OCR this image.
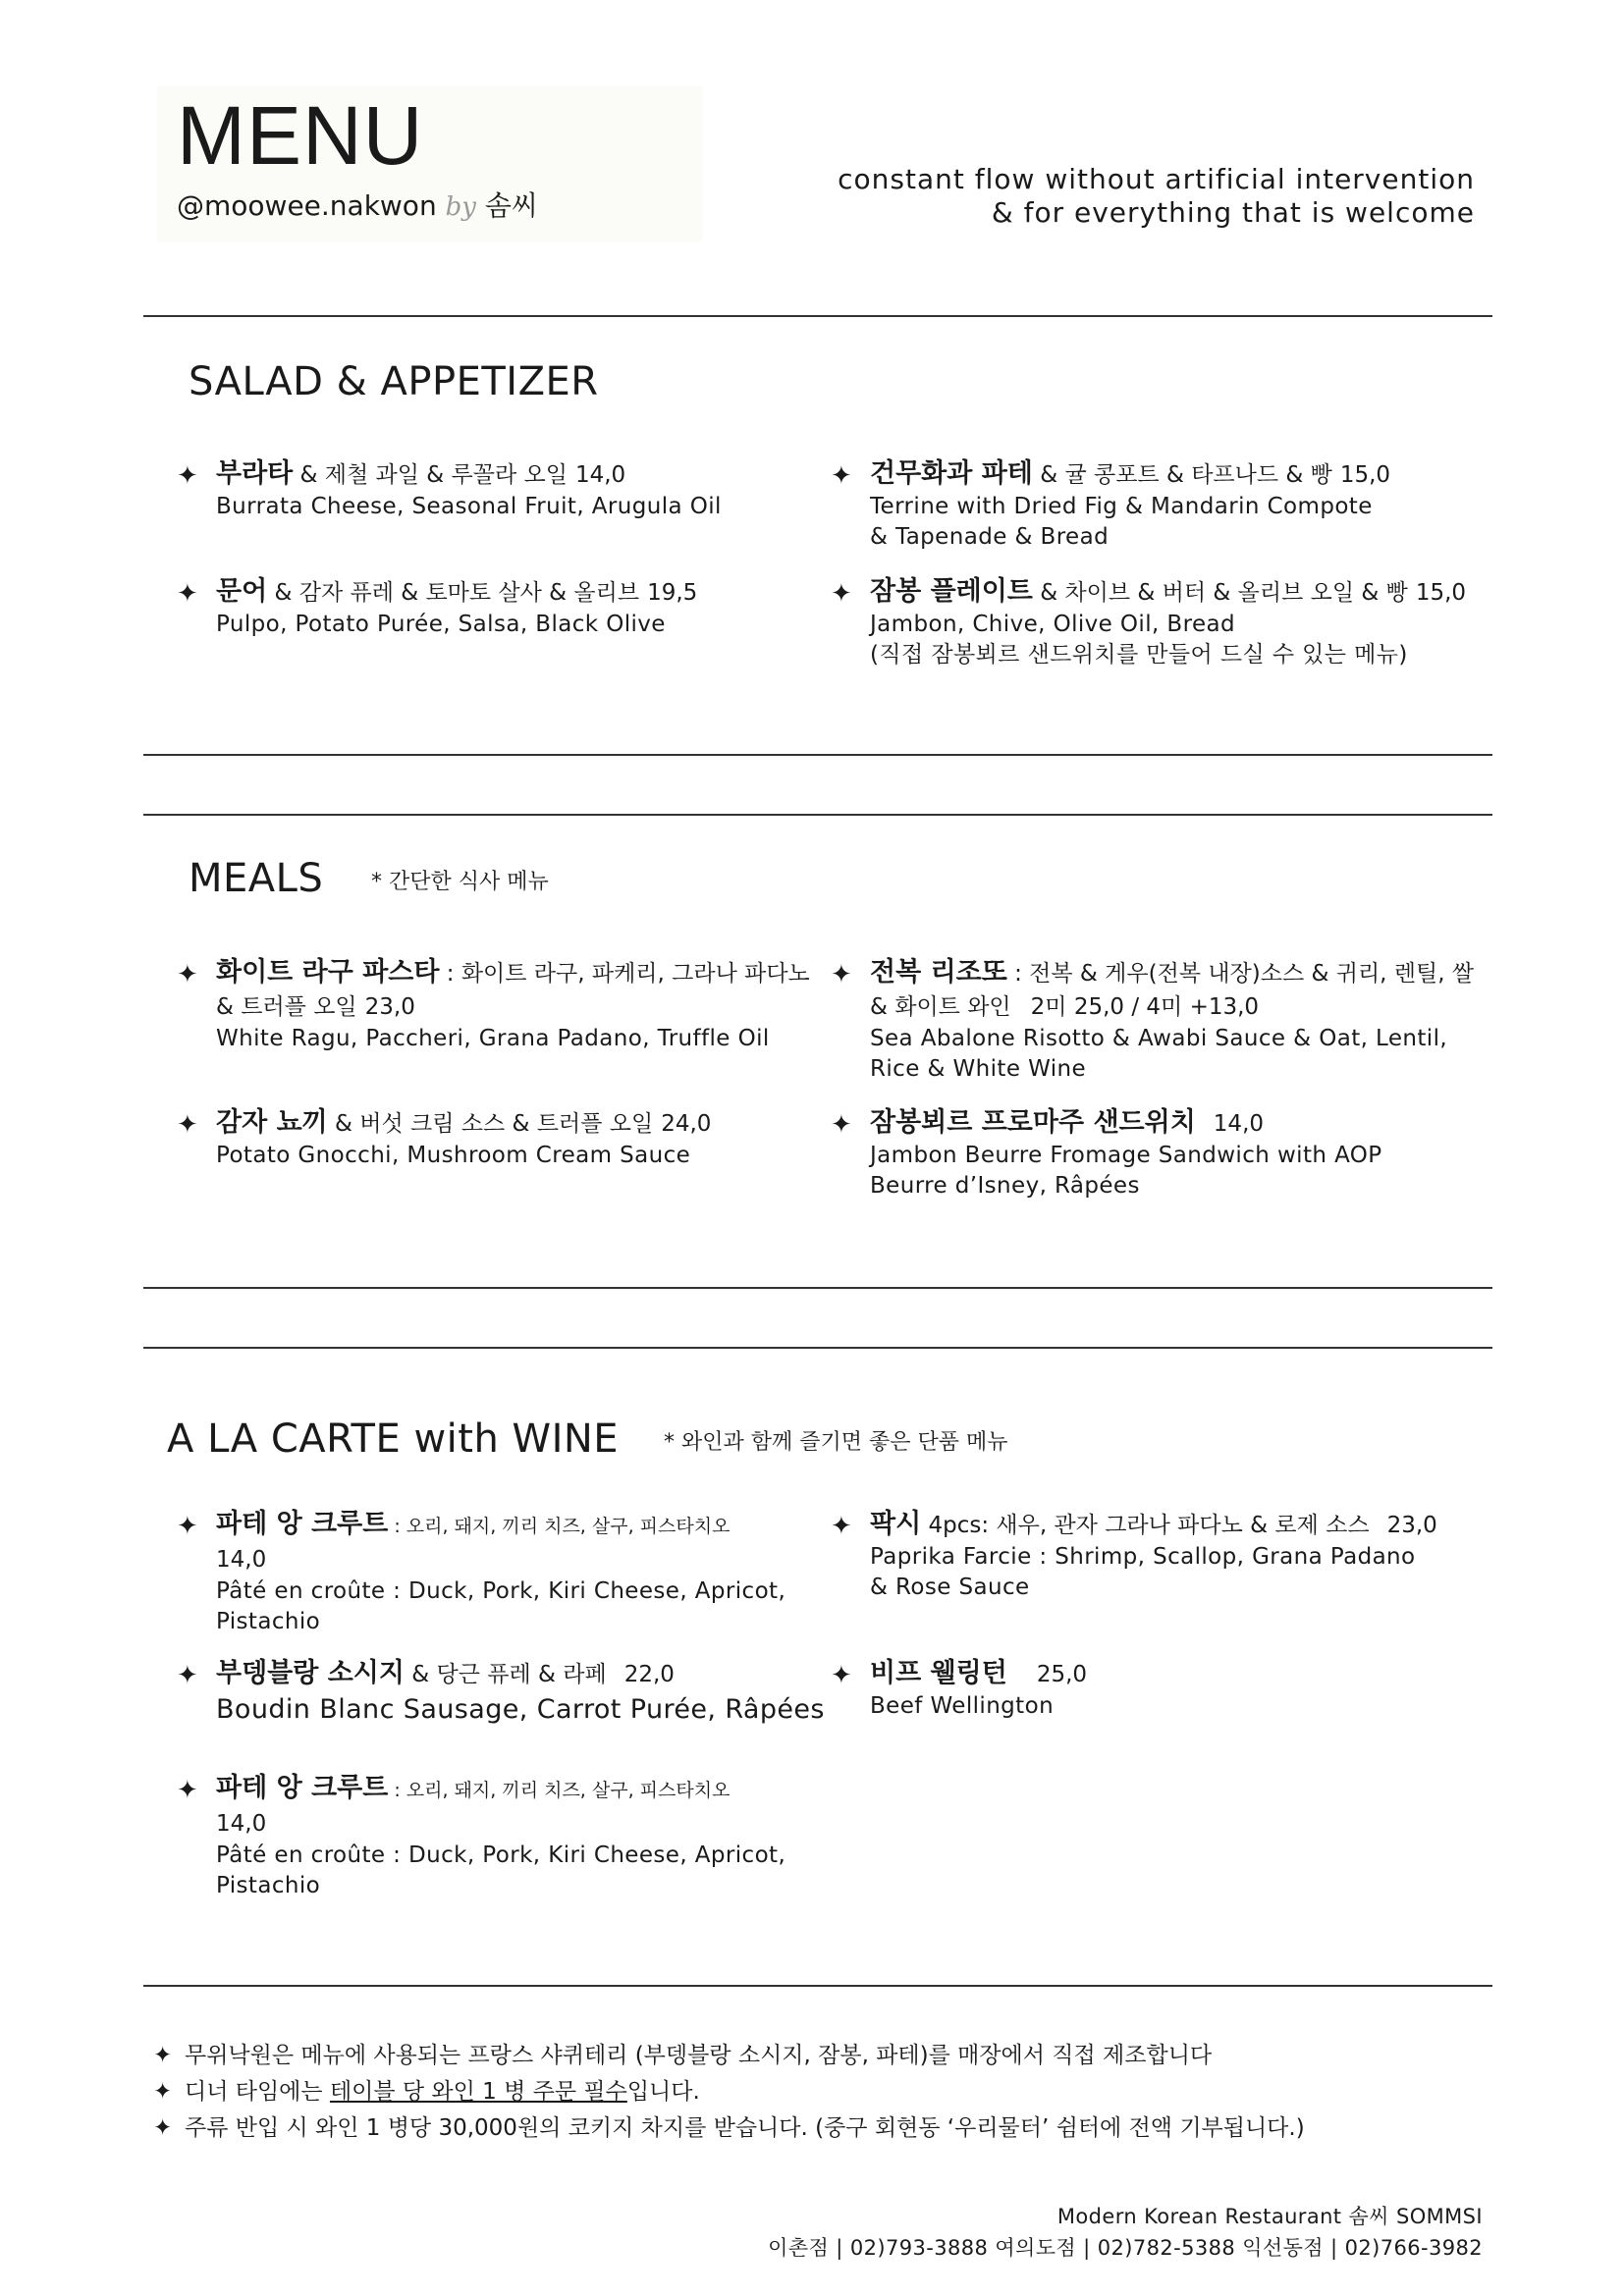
MENU
@moowee.nakwon by 솜씨
constant flow without artificial intervention
& for everything that is welcome
SALAD & APPETIZER
✦ 부라타 & 제철 과일 & 루꼴라 오일 14,0
Burrata Cheese, Seasonal Fruit, Arugula Oil
✦ 건무화과 파테 & 귤 콩포트 & 타프나드 & 빵 15,0
Terrine with Dried Fig & Mandarin Compote
& Tapenade & Bread
✦ 문어 & 감자 퓨레 & 토마토 살사 & 올리브 19,5
Pulpo, Potato Purée, Salsa, Black Olive
✦ 잠봉 플레이트 & 차이브 & 버터 & 올리브 오일 & 빵 15,0
Jambon, Chive, Olive Oil, Bread
(직접 잠봉뵈르 샌드위치를 만들어 드실 수 있는 메뉴)
MEALS * 간단한 식사 메뉴
✦ 화이트 라구 파스타 : 화이트 라구, 파케리, 그라나 파다노
& 트러플 오일 23,0
White Ragu, Paccheri, Grana Padano, Truffle Oil
✦ 전복 리조또 : 전복 & 게우(전복 내장)소스 & 귀리, 렌틸, 쌀
& 화이트 와인 2미 25,0 / 4미 +13,0
Sea Abalone Risotto & Awabi Sauce & Oat, Lentil,
Rice & White Wine
✦ 감자 뇨끼 & 버섯 크림 소스 & 트러플 오일 24,0
Potato Gnocchi, Mushroom Cream Sauce
✦ 잠봉뵈르 프로마주 샌드위치 14,0
Jambon Beurre Fromage Sandwich with AOP
Beurre d’Isney, Râpées
A LA CARTE with WINE * 와인과 함께 즐기면 좋은 단품 메뉴
✦ 파테 앙 크루트 : 오리, 돼지, 끼리 치즈, 살구, 피스타치오
14,0
Pâté en croûte : Duck, Pork, Kiri Cheese, Apricot,
Pistachio
✦ 팍시 4pcs: 새우, 관자 그라나 파다노 & 로제 소스 23,0
Paprika Farcie : Shrimp, Scallop, Grana Padano
& Rose Sauce
✦ 부뎅블랑 소시지 & 당근 퓨레 & 라페 22,0
Boudin Blanc Sausage, Carrot Purée, Râpées
✦ 비프 웰링턴 25,0
Beef Wellington
✦ 파테 앙 크루트 : 오리, 돼지, 끼리 치즈, 살구, 피스타치오
14,0
Pâté en croûte : Duck, Pork, Kiri Cheese, Apricot,
Pistachio
✦ 무위낙원은 메뉴에 사용되는 프랑스 샤퀴테리 (부뎅블랑 소시지, 잠봉, 파테)를 매장에서 직접 제조합니다
✦ 디너 타임에는 테이블 당 와인 1 병 주문 필수입니다.
✦ 주류 반입 시 와인 1 병당 30,000원의 코키지 차지를 받습니다. (중구 회현동 ‘우리물터’ 쉼터에 전액 기부됩니다.)
Modern Korean Restaurant 솜씨 SOMMSI
이촌점 | 02)793-3888 여의도점 | 02)782-5388 익선동점 | 02)766-3982
